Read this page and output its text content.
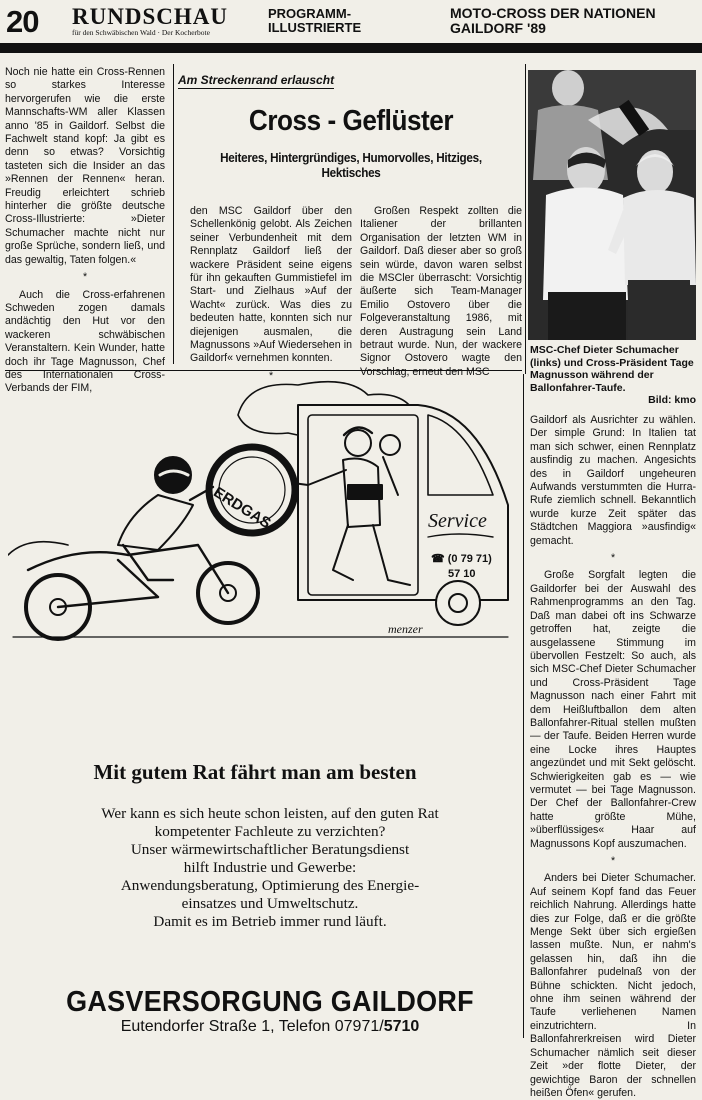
20 RUNDSCHAU
für den Schwäbischen Wald · Der Kocherbote
PROGRAMM-
ILLUSTRIERTE
MOTO-CROSS DER NATIONEN
GAILDORF '89
Am Streckenrand erlauscht
Cross - Geflüster
Heiteres, Hintergründiges, Humorvolles, Hitziges, Hektisches

Noch nie hatte ein Cross-Rennen so starkes Interesse hervorgerufen wie die erste Mannschafts-WM aller Klassen anno '85 in Gaildorf. Selbst die Fachwelt stand kopf: Ja gibt es denn so etwas? Vorsichtig tasteten sich die Insider an das »Rennen der Rennen« heran. Freudig erleichtert schrieb hinterher die größte deutsche Cross-Illustrierte: »Dieter Schumacher machte nicht nur große Sprüche, sondern ließ, und das gewaltig, Taten folgen.«

*

Auch die Cross-erfahrenen Schweden zogen damals andächtig den Hut vor den wackeren schwäbischen Veranstaltern. Kein Wunder, hatte doch ihr Tage Magnusson, Chef des Internationalen Cross-Verbands der FIM,

den MSC Gaildorf über den Schellenkönig gelobt. Als Zeichen seiner Verbundenheit mit dem Rennplatz Gaildorf ließ der wackere Präsident seine eigens für ihn gekauften Gummistiefel im Start- und Zielhaus »Auf der Wacht« zurück. Was dies zu bedeuten hatte, konnten sich nur diejenigen ausmalen, die Magnussons »Auf Wiedersehen in Gaildorf« vernehmen konnten.

*

Großen Respekt zollten die Italiener der brillanten Organisation der letzten WM in Gaildorf. Daß dieser aber so groß sein würde, davon waren selbst die MSCler überrascht: Vorsichtig äußerte sich Team-Manager Emilio Ostovero über die Folgeveranstaltung 1986, mit deren Austragung sein Land betraut wurde. Nun, der wackere Signor Ostovero wagte den Vorschlag, erneut den MSC

MSC-Chef Dieter Schumacher (links) und Cross-Präsident Tage Magnusson während der Ballonfahrer-Taufe.
Bild: kmo

Gaildorf als Ausrichter zu wählen. Der simple Grund: In Italien tat man sich schwer, einen Rennplatz ausfindig zu machen. Angesichts des in Gaildorf ungeheuren Aufwands verstummten die Hurra-Rufe ziemlich schnell. Bekanntlich wurde kurze Zeit später das Städtchen Maggiora »ausfindig« gemacht.

*

Große Sorgfalt legten die Gaildorfer bei der Auswahl des Rahmenprogramms an den Tag. Daß man dabei oft ins Schwarze getroffen hat, zeigte die ausgelassene Stimmung im übervollen Festzelt: So auch, als sich MSC-Chef Dieter Schumacher und Cross-Präsident Tage Magnusson nach einer Fahrt mit dem Heißluftballon dem alten Ballonfahrer-Ritual stellen mußten — der Taufe. Beiden Herren wurde eine Locke ihres Hauptes angezündet und mit Sekt gelöscht. Schwierigkeiten gab es — wie vermutet — bei Tage Magnusson. Der Chef der Ballonfahrer-Crew hatte größte Mühe, »überflüssiges« Haar auf Magnussons Kopf auszumachen.

*

Anders bei Dieter Schumacher. Auf seinem Kopf fand das Feuer reichlich Nahrung. Allerdings hatte dies zur Folge, daß er die größte Menge Sekt über sich ergießen lassen mußte. Nun, er nahm's gelassen hin, daß ihn die Ballonfahrer pudelnaß von der Bühne schickten. Nicht jedoch, ohne ihm seinen während der Taufe verliehenen Namen einzutrichtern. In Ballonfahrerkreisen wird Dieter Schumacher nämlich seit dieser Zeit »der flotte Dieter, der gewichtige Baron der schnellen heißen Öfen« gerufen.

Service
☎ (0 79 71)
57 10
ERDGAS
menzer
Mit gutem Rat fährt man am besten
Wer kann es sich heute schon leisten, auf den guten Rat
kompetenter Fachleute zu verzichten?
Unser wärmewirtschaftlicher Beratungsdienst
hilft Industrie und Gewerbe:
Anwendungsberatung, Optimierung des Energie-
einsatzes und Umweltschutz.
Damit es im Betrieb immer rund läuft.
GASVERSORGUNG GAILDORF
Eutendorfer Straße 1, Telefon 07971/5710
